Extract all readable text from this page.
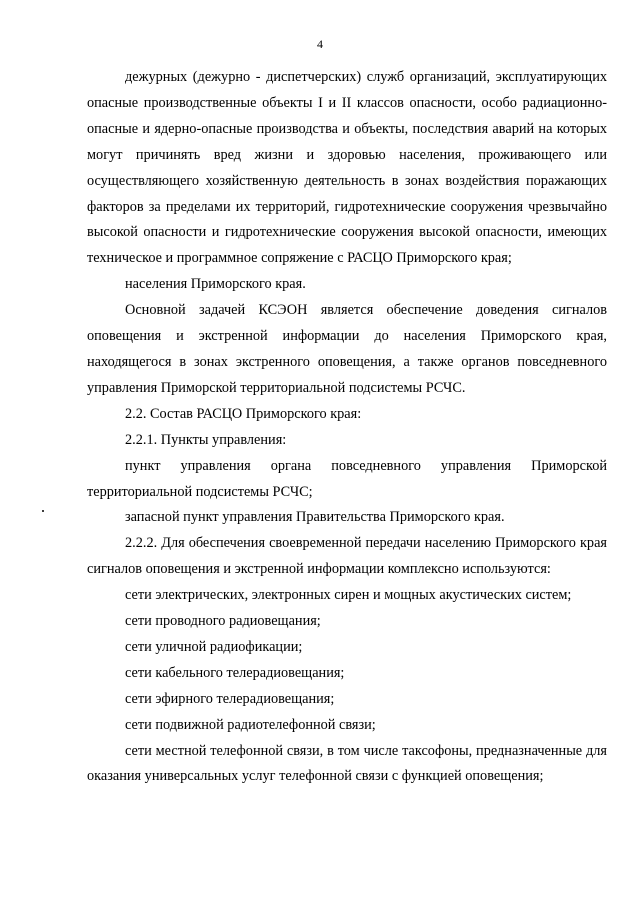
4

дежурных (дежурно - диспетчерских) служб организаций, эксплуатирующих опасные производственные объекты I и II классов опасности, особо радиационно-опасные и ядерно-опасные производства и объекты, последствия аварий на которых могут причинять вред жизни и здоровью населения, проживающего или осуществляющего хозяйственную деятельность в зонах воздействия поражающих факторов за пределами их территорий, гидротехнические сооружения чрезвычайно высокой опасности и гидротехнические сооружения высокой опасности, имеющих техническое и программное сопряжение с РАСЦО Приморского края;

населения Приморского края.

Основной задачей КСЭОН является обеспечение доведения сигналов оповещения и экстренной информации до населения Приморского края, находящегося в зонах экстренного оповещения, а также органов повседневного управления Приморской территориальной подсистемы РСЧС.

2.2. Состав РАСЦО Приморского края:

2.2.1. Пункты управления:

пункт управления органа повседневного управления Приморской территориальной подсистемы РСЧС;

запасной пункт управления Правительства Приморского края.

2.2.2. Для обеспечения своевременной передачи населению Приморского края сигналов оповещения и экстренной информации комплексно используются:

сети электрических, электронных сирен и мощных акустических систем;

сети проводного радиовещания;

сети уличной радиофикации;

сети кабельного телерадиовещания;

сети эфирного телерадиовещания;

сети подвижной радиотелефонной связи;

сети местной телефонной связи, в том числе таксофоны, предназначенные для оказания универсальных услуг телефонной связи с функцией оповещения;
